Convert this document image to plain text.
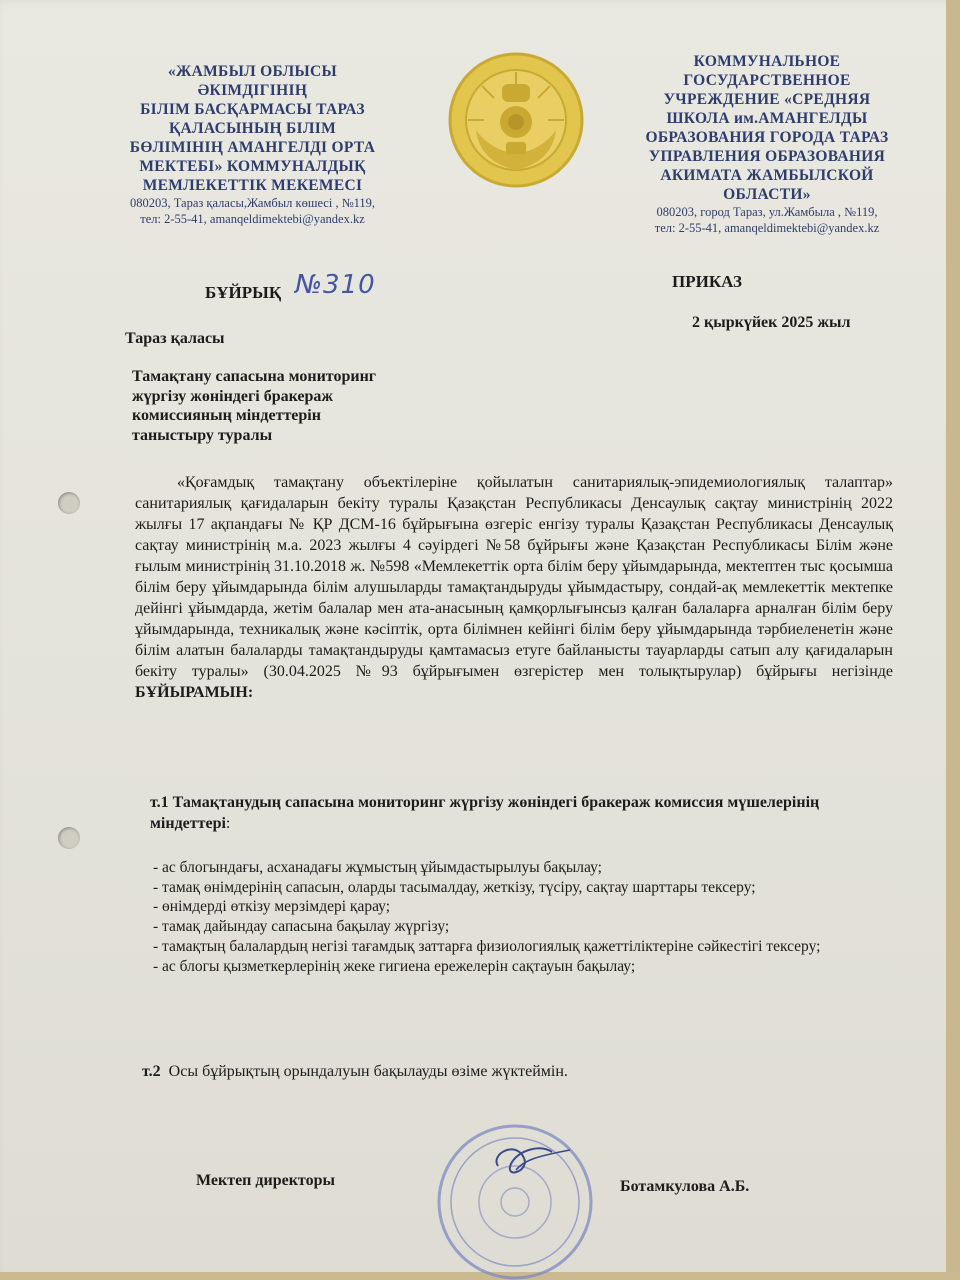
«ЖАМБЫЛ ОБЛЫСЫ
ӘКІМДІГІНІҢ
БІЛІМ БАСҚАРМАСЫ ТАРАЗ
ҚАЛАСЫНЫҢ БІЛІМ
БӨЛІМІНІҢ АМАНГЕЛДІ ОРТА
МЕКТЕБІ» КОММУНАЛДЫҚ
МЕМЛЕКЕТТІК МЕКЕМЕСІ
080203, Тараз қаласы,Жамбыл көшесі , №119,
тел: 2-55-41, amanqeldimektebi@yandex.kz
КОММУНАЛЬНОЕ
ГОСУДАРСТВЕННОЕ
УЧРЕЖДЕНИЕ «СРЕДНЯЯ
ШКОЛА им.АМАНГЕЛДЫ
ОБРАЗОВАНИЯ ГОРОДА ТАРАЗ
УПРАВЛЕНИЯ ОБРАЗОВАНИЯ
АКИМАТА ЖАМБЫЛСКОЙ
ОБЛАСТИ»
080203, город Тараз, ул.Жамбыла , №119,
тел: 2-55-41, amanqeldimektebi@yandex.kz
БҰЙРЫҚ №310	ПРИКАЗ
Тараз қаласы
2 қыркүйек 2025 жыл
Тамақтану сапасына мониторинг
жүргізу жөніндегі бракераж
комиссияның міндеттерін
таныстыру туралы
«Қоғамдық тамақтану объектілеріне қойылатын санитариялық-эпидемиологиялық талаптар» санитариялық қағидаларын бекіту туралы Қазақстан Республикасы Денсаулық сақтау министрінің 2022 жылғы 17 ақпандағы № ҚР ДСМ-16 бұйрығына өзгеріс енгізу туралы Қазақстан Республикасы Денсаулық сақтау министрінің м.а. 2023 жылғы 4 сәуірдегі №58 бұйрығы және Қазақстан Республикасы Білім және ғылым министрінің 31.10.2018 ж. №598 «Мемлекеттік орта білім беру ұйымдарында, мектептен тыс қосымша білім беру ұйымдарында білім алушыларды тамақтандыруды ұйымдастыру, сондай-ақ мемлекеттік мектепке дейінгі ұйымдарда, жетім балалар мен ата-анасының қамқорлығынсыз қалған балаларға арналған білім беру ұйымдарында, техникалық және кәсіптік, орта білімнен кейінгі білім беру ұйымдарында тәрбиеленетін және білім алатын балаларды тамақтандыруды қамтамасыз етуге байланысты тауарларды сатып алу қағидаларын бекіту туралы» (30.04.2025 №93 бұйрығымен өзгерістер мен толықтырулар) бұйрығы негізінде БҰЙЫРАМЫН:
т.1 Тамақтанудың сапасына мониторинг жүргізу жөніндегі бракераж комиссия мүшелерінің міндеттері:
- ас блогындағы, асханадағы жұмыстың ұйымдастырылуы бақылау;
- тамақ өнімдерінің сапасын, оларды тасымалдау, жеткізу, түсіру, сақтау шарттары тексеру;
- өнімдерді өткізу мерзімдері қарау;
- тамақ дайындау сапасына бақылау жүргізу;
- тамақтың балалардың негізі тағамдық заттарға физиологиялық қажеттіліктеріне сәйкестігі тексеру;
- ас блогы қызметкерлерінің жеке гигиена ережелерін сақтауын бақылау;
т.2 Осы бұйрықтың орындалуын бақылауды өзіме жүктеймін.
Мектеп директоры	Ботамкулова А.Б.
